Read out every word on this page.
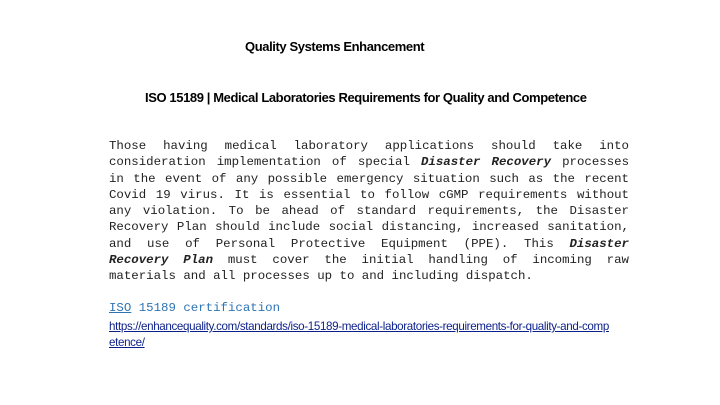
Quality Systems Enhancement
ISO 15189 | Medical Laboratories Requirements for Quality and Competence
Those having medical laboratory applications should take into consideration implementation of special Disaster Recovery processes in the event of any possible emergency situation such as the recent Covid 19 virus. It is essential to follow cGMP requirements without any violation. To be ahead of standard requirements, the Disaster Recovery Plan should include social distancing, increased sanitation, and use of Personal Protective Equipment (PPE). This Disaster Recovery Plan must cover the initial handling of incoming raw materials and all processes up to and including dispatch.
ISO 15189 certification
https://enhancequality.com/standards/iso-15189-medical-laboratories-requirements-for-quality-and-competence/
